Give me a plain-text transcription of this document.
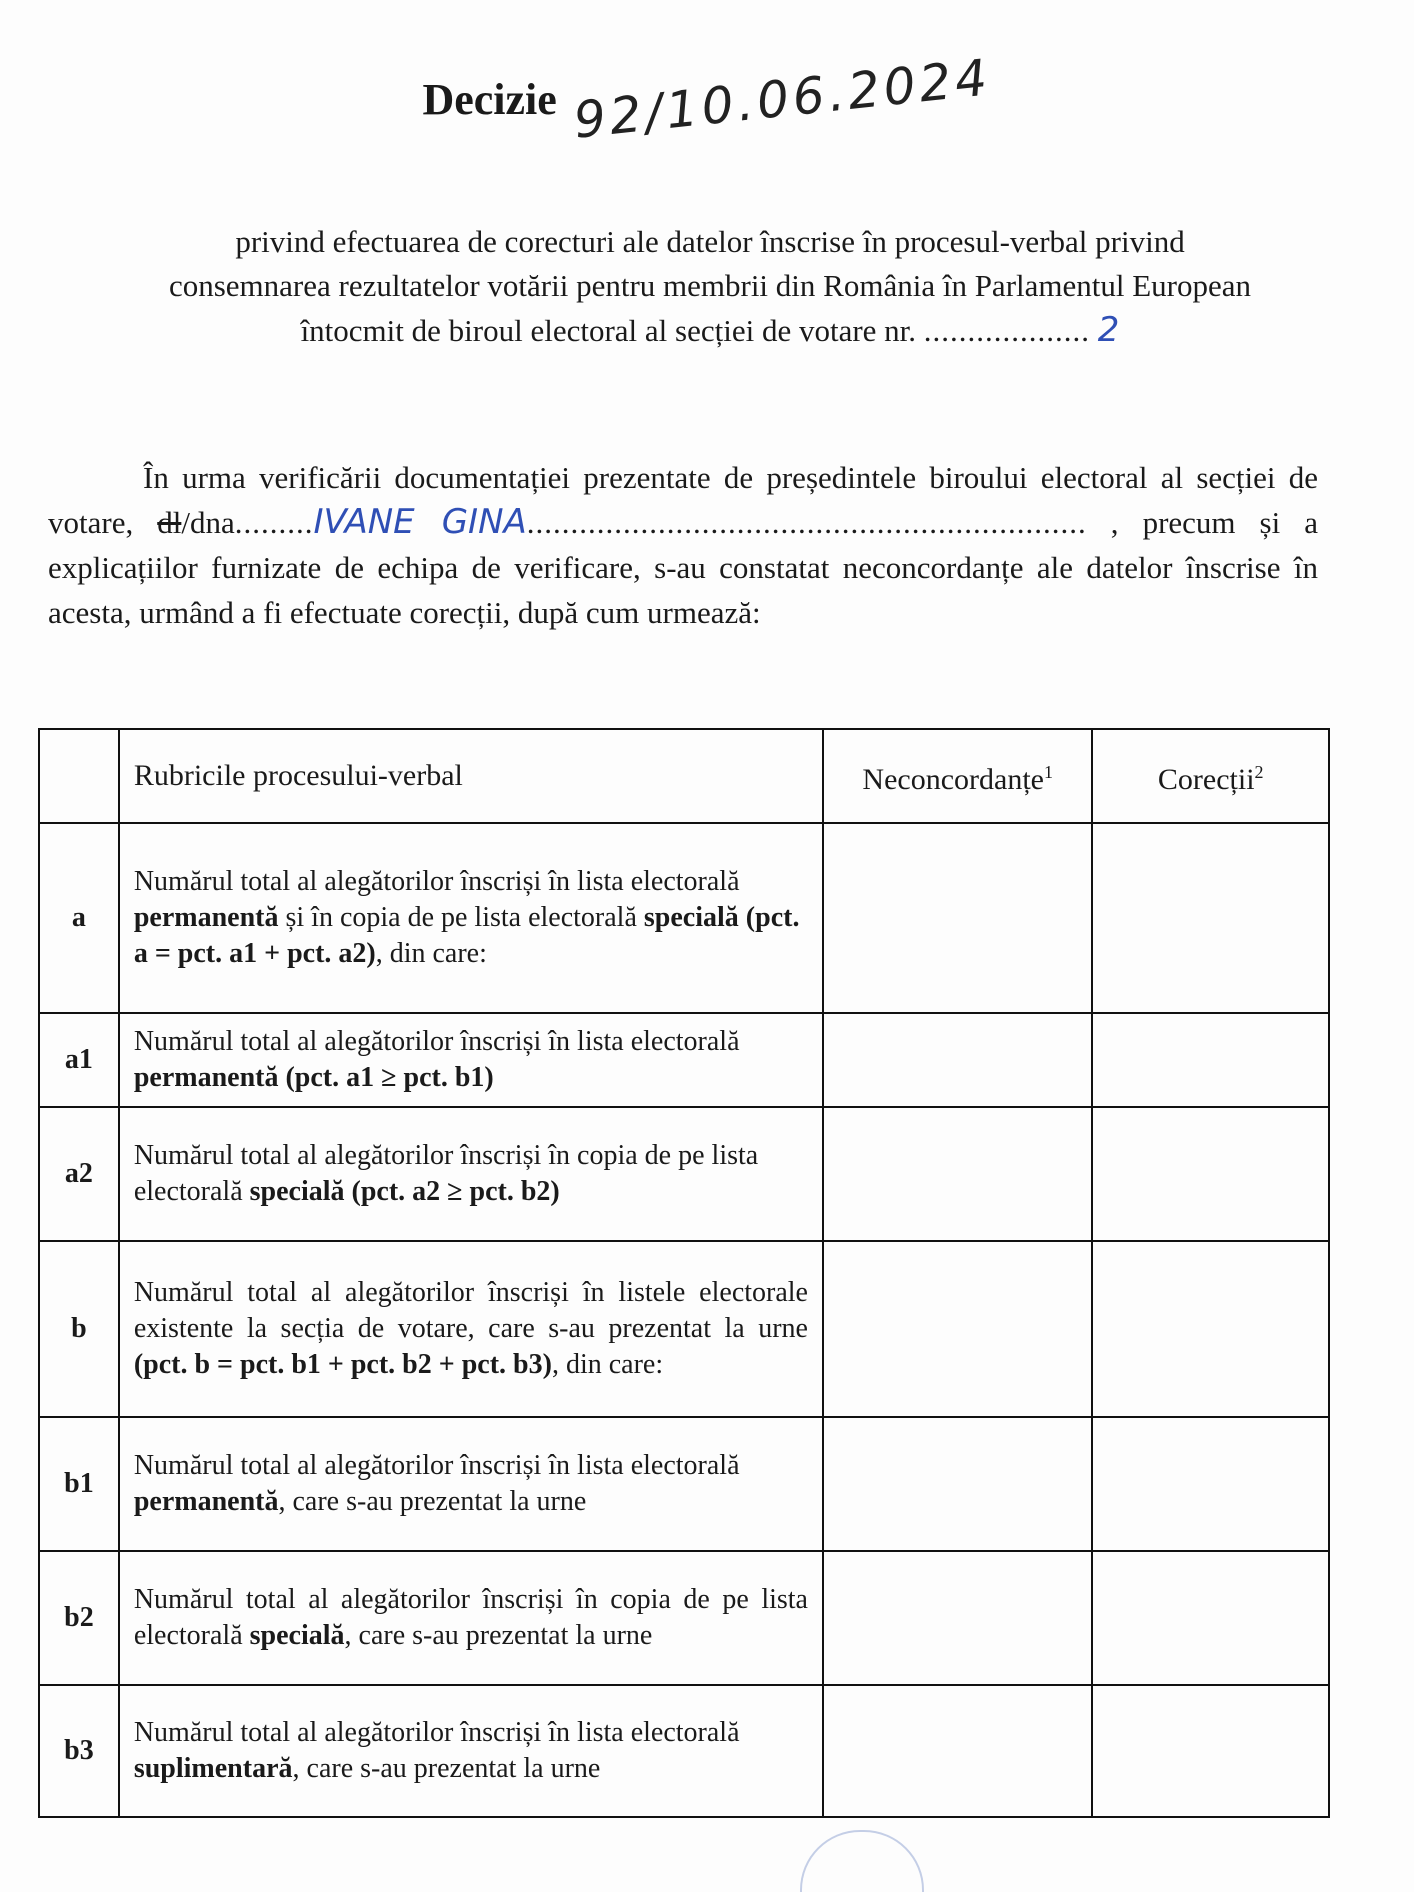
Decizie 92/10.06.2024
privind efectuarea de corecturi ale datelor înscrise în procesul-verbal privind
consemnarea rezultatelor votării pentru membrii din România în Parlamentul European
întocmit de biroul electoral al secției de votare nr. ................... 2

În urma verificării documentației prezentate de președintele biroului electoral al secției de votare, dl/dna.........IVANE GINA................................................................ , precum și a explicațiilor furnizate de echipa de verificare, s-au constatat neconcordanțe ale datelor înscrise în acesta, urmând a fi efectuate corecții, după cum urmează:

	Rubricile procesului-verbal	Neconcordanțe$^1$	Corecții$^2$
a	Numărul total al alegătorilor înscriși în lista electorală permanentă și în copia de pe lista electorală specială (pct. a = pct. a1 + pct. a2), din care:		
a1	Numărul total al alegătorilor înscriși în lista electorală permanentă (pct. a1 ≥ pct. b1)		
a2	Numărul total al alegătorilor înscriși în copia de pe lista electorală specială (pct. a2 ≥ pct. b2)		
b	Numărul total al alegătorilor înscriși în listele electorale existente la secția de votare, care s-au prezentat la urne (pct. b = pct. b1 + pct. b2 + pct. b3), din care:		
b1	Numărul total al alegătorilor înscriși în lista electorală permanentă, care s-au prezentat la urne		
b2	Numărul total al alegătorilor înscriși în copia de pe lista electorală specială, care s-au prezentat la urne		
b3	Numărul total al alegătorilor înscriși în lista electorală suplimentară, care s-au prezentat la urne		
